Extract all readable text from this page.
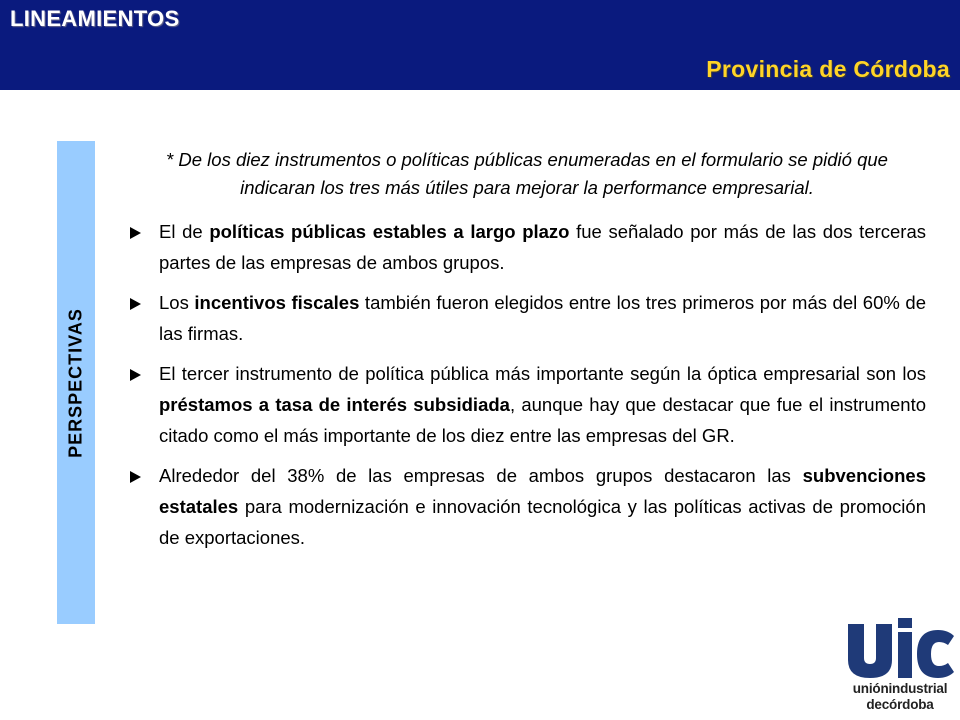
LINEAMIENTOS
Provincia de Córdoba
PERSPECTIVAS

* De los diez instrumentos o políticas públicas enumeradas en el formulario se pidió que indicaran los tres más útiles para mejorar la performance empresarial.

El de políticas públicas estables a largo plazo fue señalado por más de las dos terceras partes de las empresas de ambos grupos.
Los incentivos fiscales también fueron elegidos entre los tres primeros por más del 60% de las firmas.
El tercer instrumento de política pública más importante según la óptica empresarial son los préstamos a tasa de interés subsidiada, aunque hay que destacar que fue el instrumento citado como el más importante de los diez entre las empresas del GR.
Alrededor del 38% de las empresas de ambos grupos destacaron las subvenciones estatales para modernización e innovación tecnológica y las políticas activas de promoción de exportaciones.
uniónindustrial
decórdoba
